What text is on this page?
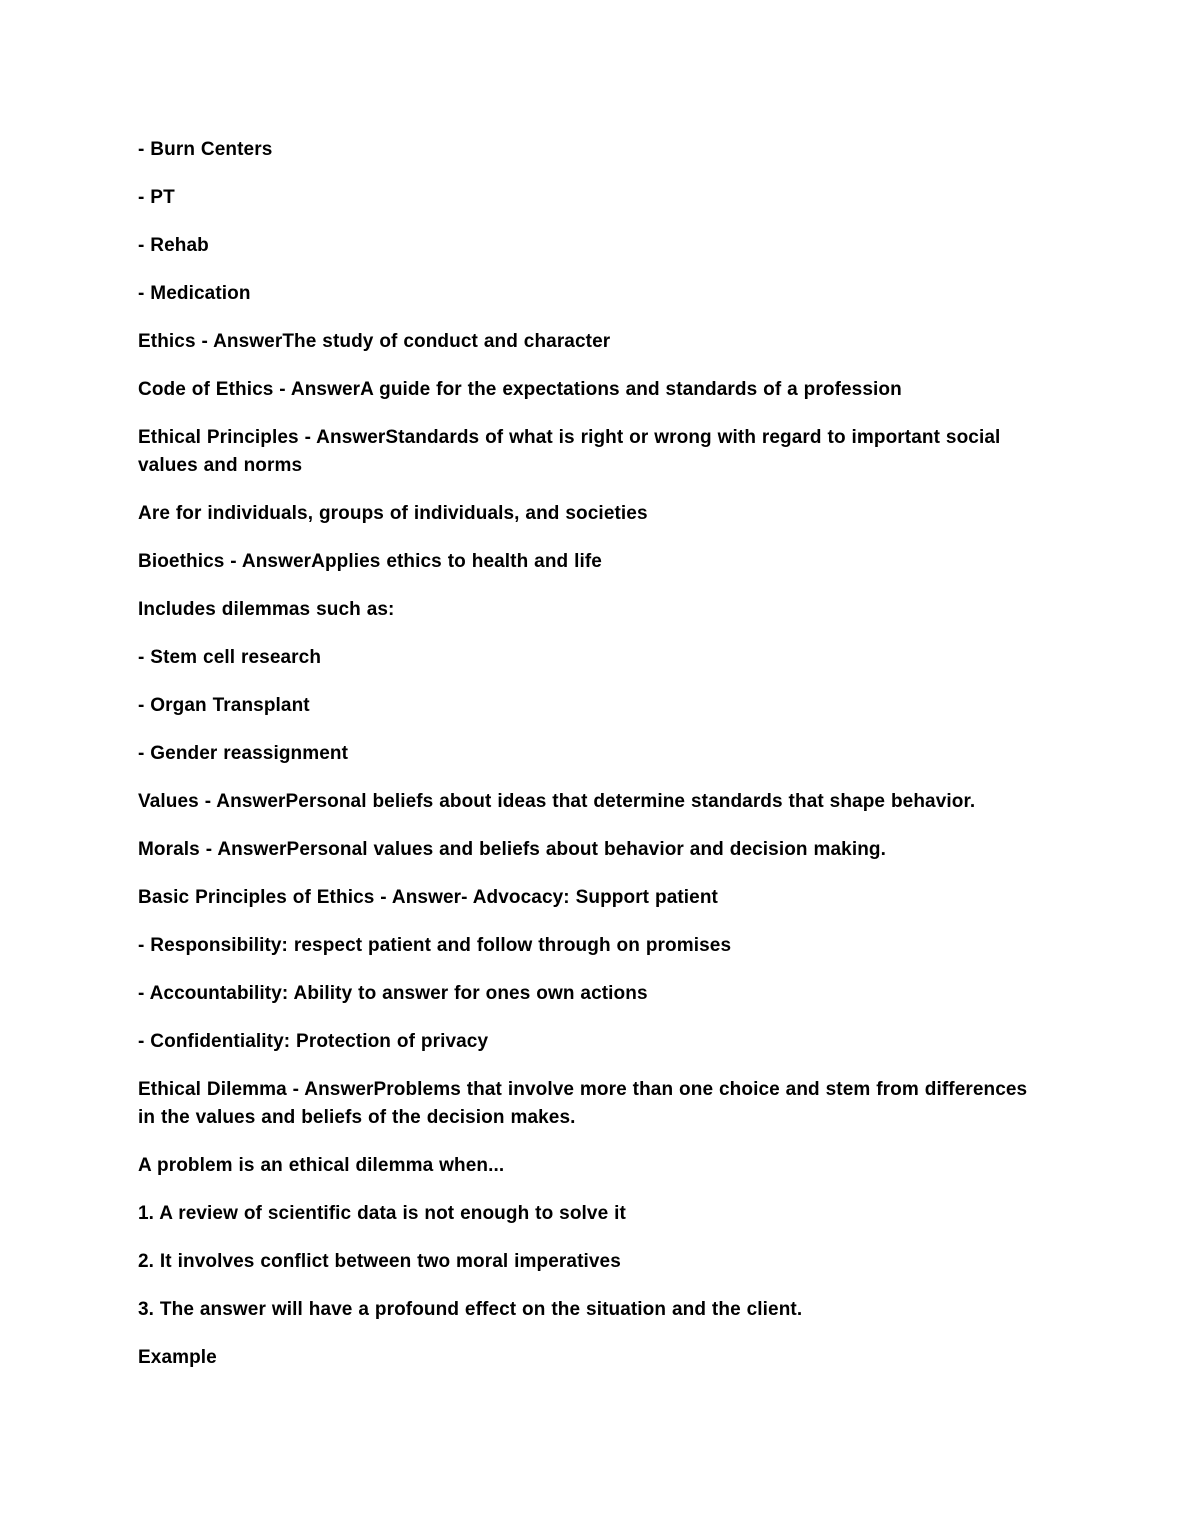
- Burn Centers

- PT

- Rehab

- Medication

Ethics - AnswerThe study of conduct and character

Code of Ethics - AnswerA guide for the expectations and standards of a profession

Ethical Principles - AnswerStandards of what is right or wrong with regard to important social values and norms

Are for individuals, groups of individuals, and societies

Bioethics - AnswerApplies ethics to health and life

Includes dilemmas such as:

- Stem cell research

- Organ Transplant

- Gender reassignment

Values - AnswerPersonal beliefs about ideas that determine standards that shape behavior.

Morals - AnswerPersonal values and beliefs about behavior and decision making.

Basic Principles of Ethics - Answer- Advocacy: Support patient

- Responsibility: respect patient and follow through on promises

- Accountability: Ability to answer for ones own actions

- Confidentiality: Protection of privacy

Ethical Dilemma - AnswerProblems that involve more than one choice and stem from differences in the values and beliefs of the decision makes.

A problem is an ethical dilemma when...

1. A review of scientific data is not enough to solve it

2. It involves conflict between two moral imperatives

3. The answer will have a profound effect on the situation and the client.

Example
